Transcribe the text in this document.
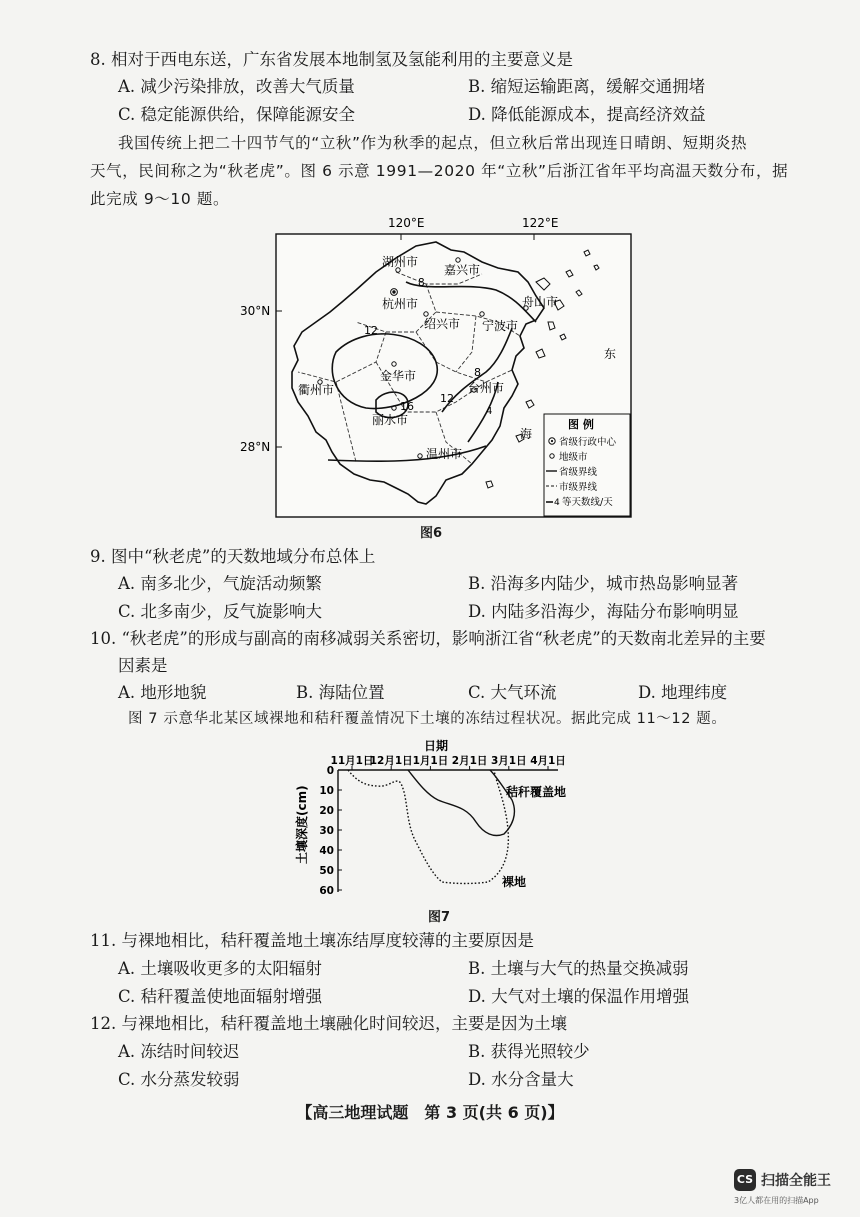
8. 相对于西电东送，广东省发展本地制氢及氢能利用的主要意义是
A. 减少污染排放，改善大气质量	B. 缩短运输距离，缓解交通拥堵
C. 稳定能源供给，保障能源安全	D. 降低能源成本，提高经济效益
我国传统上把二十四节气的“立秋”作为秋季的起点，但立秋后常出现连日晴朗、短期炎热
天气，民间称之为“秋老虎”。图 6 示意 1991—2020 年“立秋”后浙江省年平均高温天数分布，据
此完成 9～10 题。
120°E	122°E
30°N
28°N
8
12
8
16
12
4
湖州市
嘉兴市
杭州市
绍兴市 宁波市
舟山市
衢州市
金华市
台州市
丽水市
温州市
东
海
图 例
省级行政中心
地级市
省级界线
市级界线
4 等天数线/天
图6
9. 图中“秋老虎”的天数地域分布总体上
A. 南多北少，气旋活动频繁	B. 沿海多内陆少，城市热岛影响显著
C. 北多南少，反气旋影响大	D. 内陆多沿海少，海陆分布影响明显
10. “秋老虎”的形成与副高的南移减弱关系密切，影响浙江省“秋老虎”的天数南北差异的主要
因素是
A. 地形地貌	B. 海陆位置	C. 大气环流	D. 地理纬度
图 7 示意华北某区域裸地和秸秆覆盖情况下土壤的冻结过程状况。据此完成 11～12 题。
日期
11月1日
12月1日 1月1日 2月1日 3月1日 4月1日
0
10
20
30
40
50
60
土壤深度(cm)	秸秆覆盖地
裸地
图7
11. 与裸地相比，秸秆覆盖地土壤冻结厚度较薄的主要原因是
A. 土壤吸收更多的太阳辐射	B. 土壤与大气的热量交换减弱
C. 秸秆覆盖使地面辐射增强	D. 大气对土壤的保温作用增强
12. 与裸地相比，秸秆覆盖地土壤融化时间较迟，主要是因为土壤
A. 冻结时间较迟	B. 获得光照较少
C. 水分蒸发较弱	D. 水分含量大
【高三地理试题　第 3 页(共 6 页)】
CS 扫描全能王
3亿人都在用的扫描App
